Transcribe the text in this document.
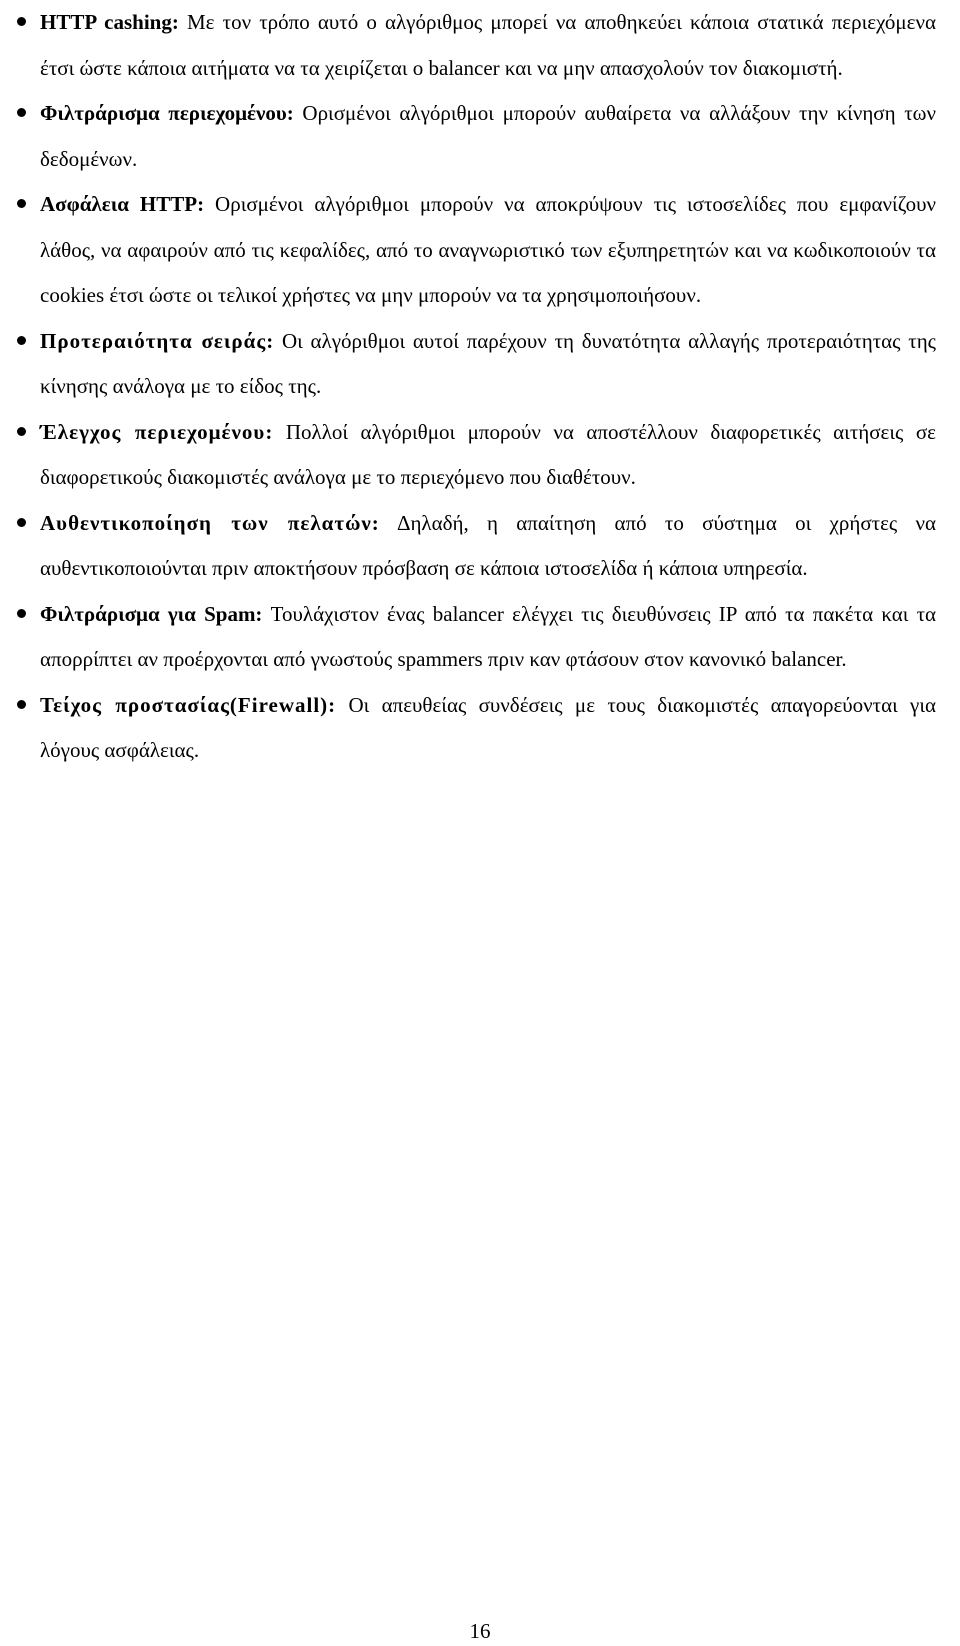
HTTP cashing: Με τον τρόπο αυτό ο αλγόριθμος μπορεί να αποθηκεύει κάποια στατικά περιεχόμενα έτσι ώστε κάποια αιτήματα να τα χειρίζεται ο balancer και να μην απασχολούν τον διακομιστή.
Φιλτράρισμα περιεχομένου: Ορισμένοι αλγόριθμοι μπορούν αυθαίρετα να αλλάξουν την κίνηση των δεδομένων.
Ασφάλεια HTTP: Ορισμένοι αλγόριθμοι μπορούν να αποκρύψουν τις ιστοσελίδες που εμφανίζουν λάθος, να αφαιρούν από τις κεφαλίδες, από το αναγνωριστικό των εξυπηρετητών και να κωδικοποιούν τα cookies έτσι ώστε οι τελικοί χρήστες να μην μπορούν να τα χρησιμοποιήσουν.
Προτεραιότητα σειράς: Οι αλγόριθμοι αυτοί παρέχουν τη δυνατότητα αλλαγής προτεραιότητας της κίνησης ανάλογα με το είδος της.
Έλεγχος περιεχομένου: Πολλοί αλγόριθμοι μπορούν να αποστέλλουν διαφορετικές αιτήσεις σε διαφορετικούς διακομιστές ανάλογα με το περιεχόμενο που διαθέτουν.
Αυθεντικοποίηση των πελατών: Δηλαδή, η απαίτηση από το σύστημα οι χρήστες να αυθεντικοποιούνται πριν αποκτήσουν πρόσβαση σε κάποια ιστοσελίδα ή κάποια υπηρεσία.
Φιλτράρισμα για Spam: Τουλάχιστον ένας balancer ελέγχει τις διευθύνσεις IP από τα πακέτα και τα απορρίπτει αν προέρχονται από γνωστούς spammers πριν καν φτάσουν στον κανονικό balancer.
Τείχος προστασίας(Firewall): Οι απευθείας συνδέσεις με τους διακομιστές απαγορεύονται για λόγους ασφάλειας.
16
